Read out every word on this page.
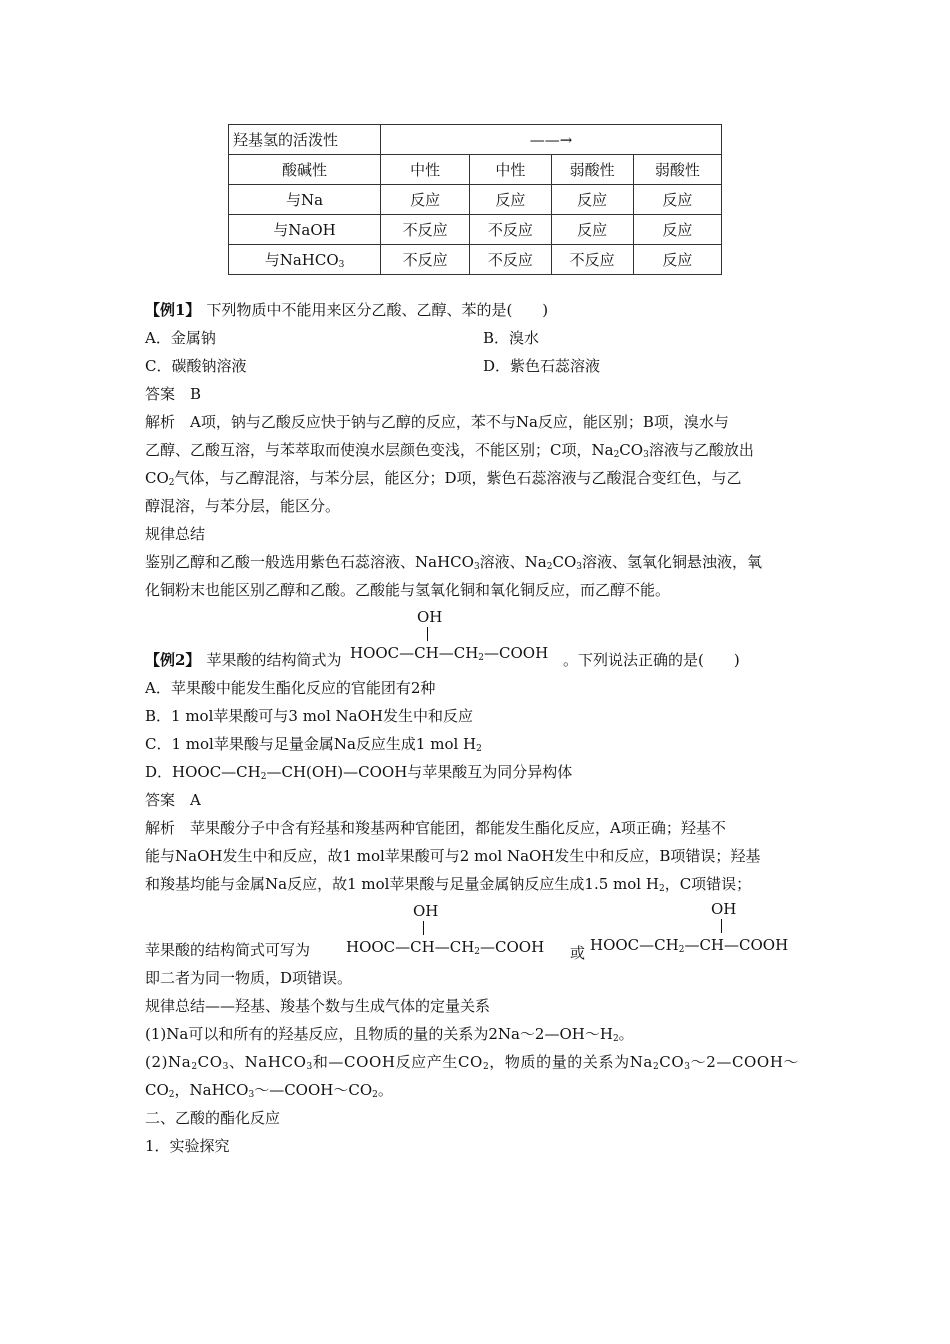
羟基氢的活泼性	——→			
酸碱性	中性	中性	弱酸性	弱酸性
与Na	反应	反应	反应	反应
与NaOH	不反应	不反应	反应	反应
与NaHCO$_3$	不反应	不反应	不反应	反应
【例1】 下列物质中不能用来区分乙酸、乙醇、苯的是(　　)
A．金属钠	B．溴水
C．碳酸钠溶液	D．紫色石蕊溶液
答案　B
解析　A项，钠与乙酸反应快于钠与乙醇的反应，苯不与Na反应，能区别；B项，溴水与
乙醇、乙酸互溶，与苯萃取而使溴水层颜色变浅，不能区别；C项，$Na_2CO_3$溶液与乙酸放出
$CO_2$气体，与乙醇混溶，与苯分层，能区分；D项，紫色石蕊溶液与乙酸混合变红色，与乙
醇混溶，与苯分层，能区分。
规律总结
鉴别乙醇和乙酸一般选用紫色石蕊溶液、NaHCO$_3$溶液、$Na_2CO_3$溶液、氢氧化铜悬浊液，氧
化铜粉末也能区别乙醇和乙酸。乙酸能与氢氧化铜和氧化铜反应，而乙醇不能。
【例2】 苹果酸的结构简式为
OH
$HOOC—CH—CH_2—COOH$ 。下列说法正确的是(　　)
A．苹果酸中能发生酯化反应的官能团有2种
B．1 mol苹果酸可与3 mol NaOH发生中和反应
C．1 mol苹果酸与足量金属Na反应生成1 mol $H_2$
D．$HOOC—CH_2—CH(OH)—COOH$与苹果酸互为同分异构体
答案　A
解析　苹果酸分子中含有羟基和羧基两种官能团，都能发生酯化反应，A项正确；羟基不
能与NaOH发生中和反应，故1 mol苹果酸可与2 mol NaOH发生中和反应，B项错误；羟基
和羧基均能与金属Na反应，故1 mol苹果酸与足量金属钠反应生成1.5 mol $H_2$，C项错误；
苹果酸的结构简式可写为
OH
$HOOC—CH—CH_2—COOH$ 或
OH
$HOOC—CH_2—CH—COOH$
即二者为同一物质，D项错误。
规律总结——羟基、羧基个数与生成气体的定量关系
(1)Na可以和所有的羟基反应，且物质的量的关系为$2Na\sim 2—OH\sim H_2$。
$(2)Na_2CO_3$、NaHCO$_3$和—COOH反应产生$CO_2$，物质的量的关系为$Na_2CO_3\sim 2—COOH\sim$
$CO_2$，$NaHCO_3\sim—COOH\sim CO_2$。
二、乙酸的酯化反应
1．实验探究
